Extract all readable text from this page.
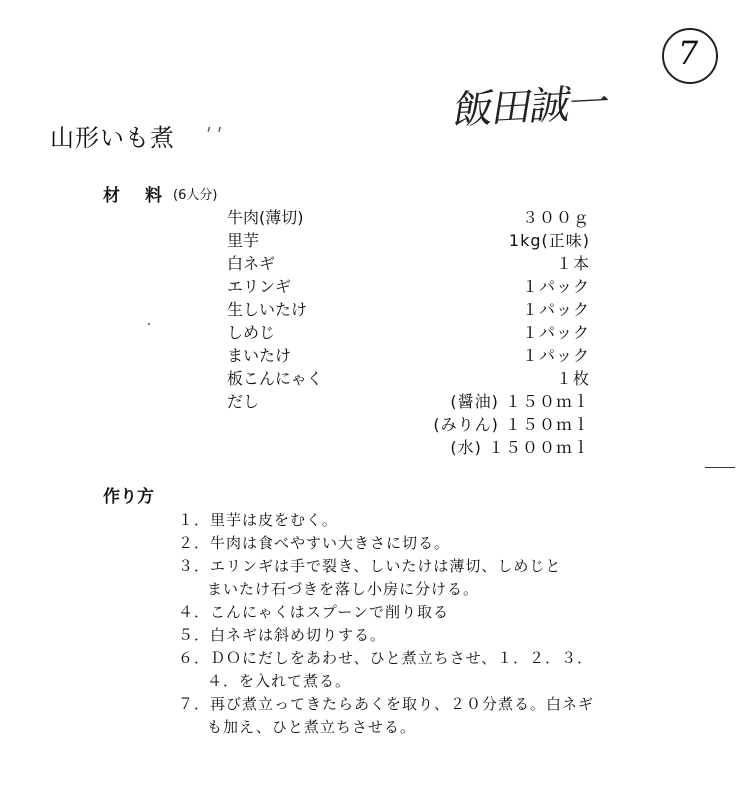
7
飯田誠一
山形いも煮 ' '
材　料 (6人分)
牛肉(薄切)	３００ｇ
里芋	1kg(正味)
白ネギ	１本
エリンギ	１パック
生しいたけ	１パック
しめじ	１パック
まいたけ	１パック
板こんにゃく	１枚
だし	(醤油) １５０ｍｌ
(みりん) １５０ｍｌ
(水) １５００ｍｌ
作り方
１．里芋は皮をむく。
２．牛肉は食べやすい大きさに切る。
３．エリンギは手で裂き、しいたけは薄切、しめじと
まいたけ石づきを落し小房に分ける。
４．こんにゃくはスプーンで削り取る
５．白ネギは斜め切りする。
６．ＤＯにだしをあわせ、ひと煮立ちさせ、１．２．３．
４．を入れて煮る。
７．再び煮立ってきたらあくを取り、２０分煮る。白ネギ
も加え、ひと煮立ちさせる。
